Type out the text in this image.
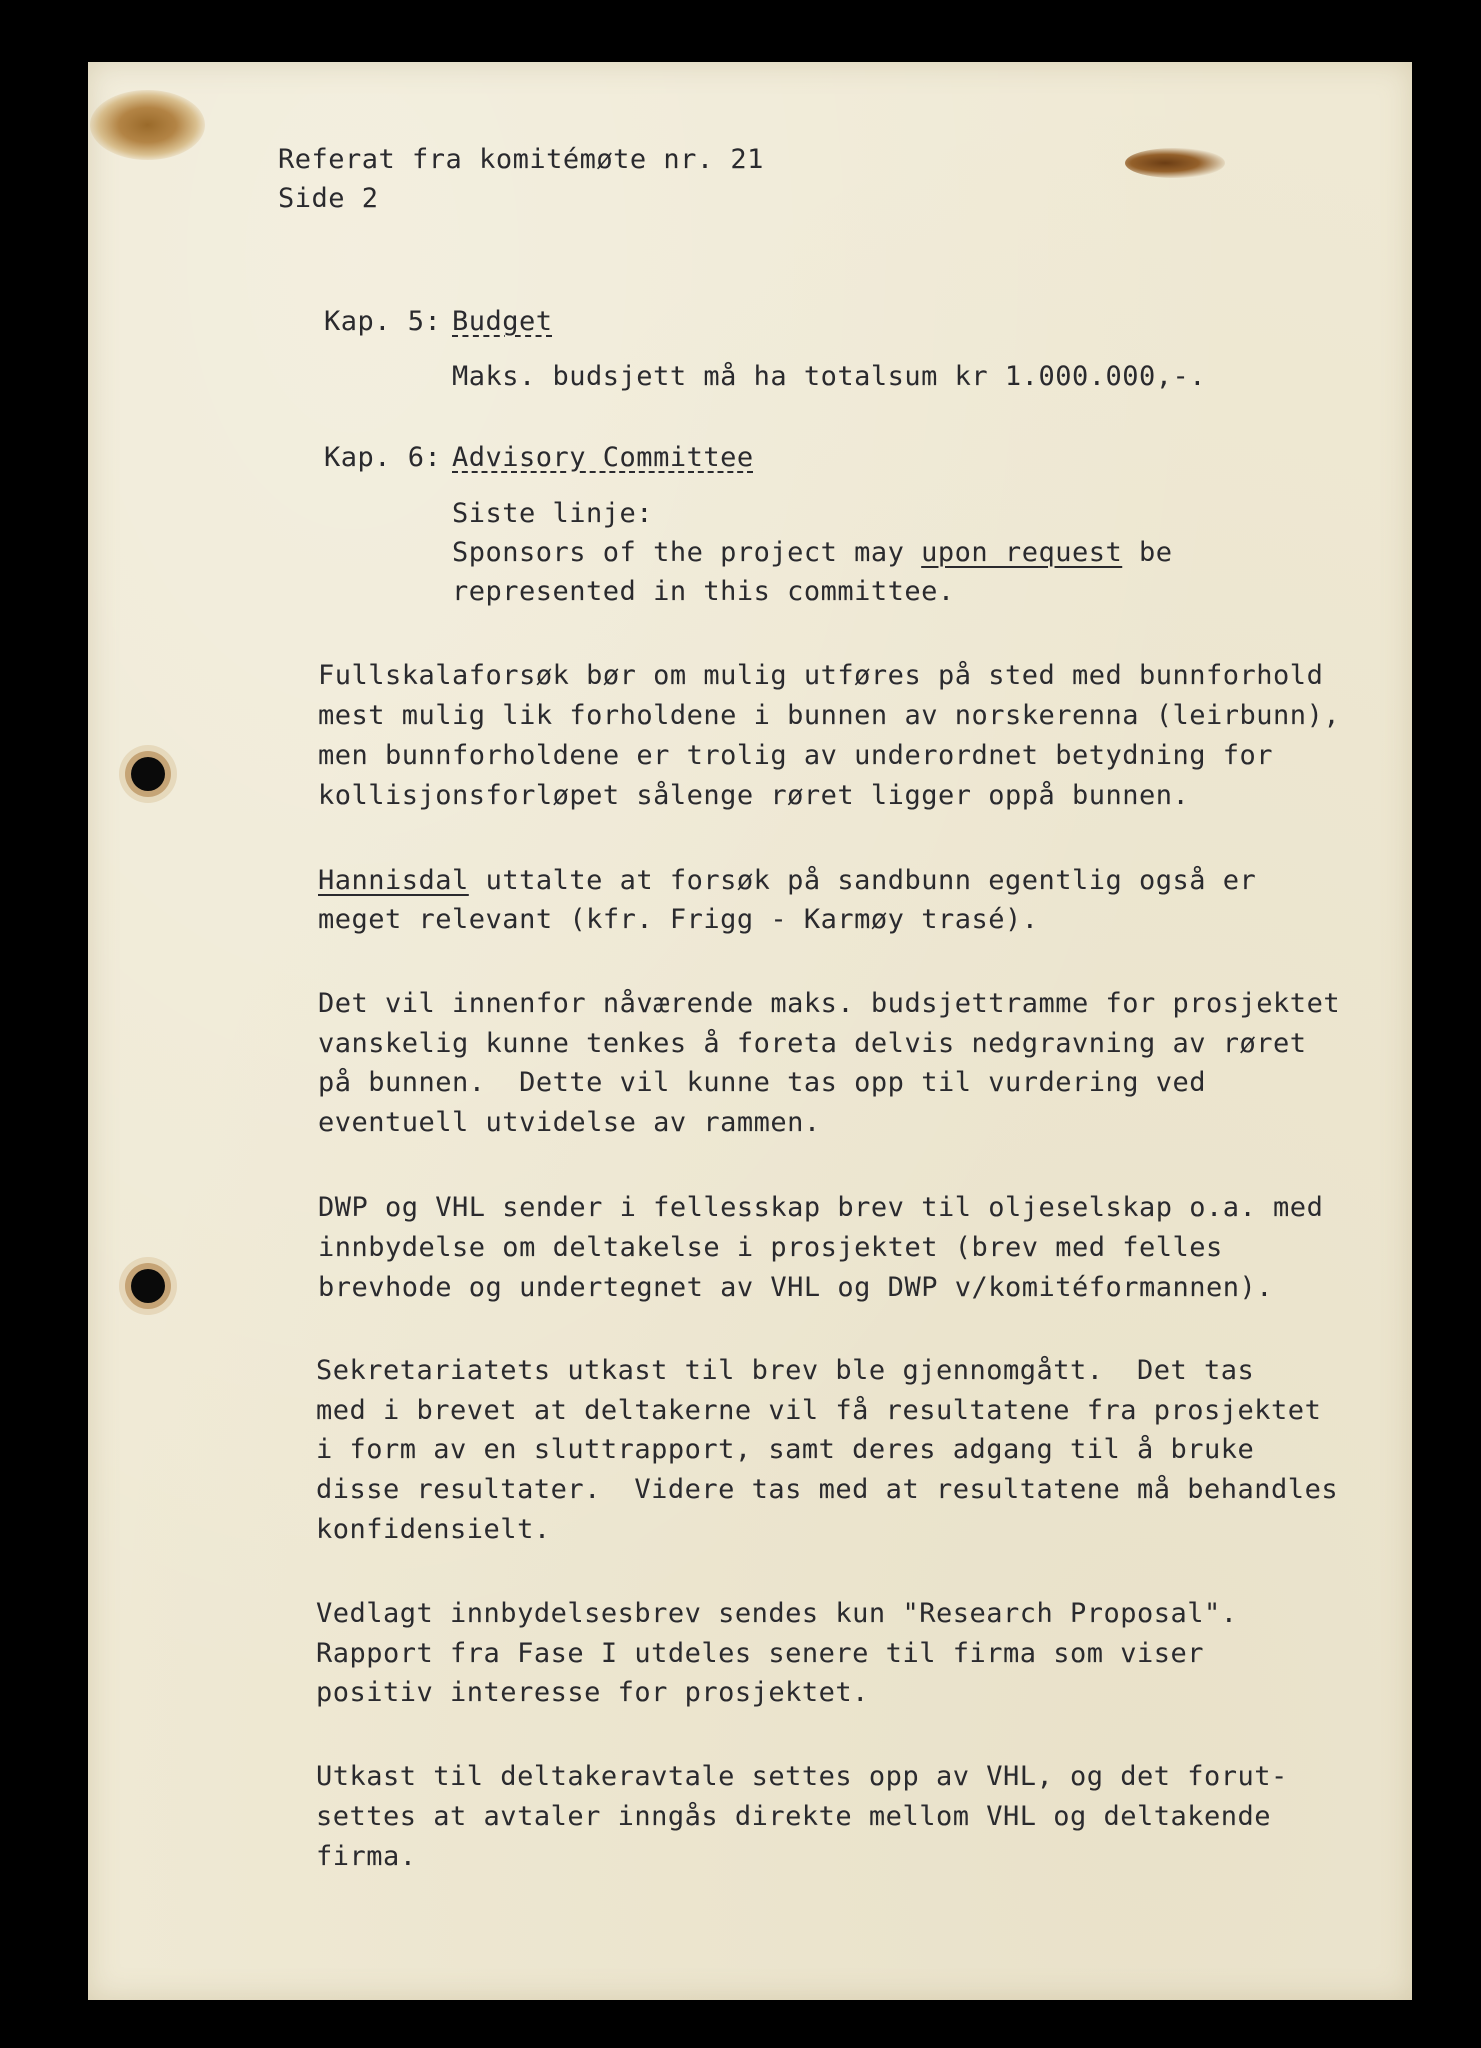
Referat fra komitémøte nr. 21
Side 2
Kap. 5: Budget
Maks. budsjett må ha totalsum kr 1.000.000,-.
Kap. 6: Advisory Committee
Siste linje:
Sponsors of the project may upon request be
represented in this committee.
Fullskalaforsøk bør om mulig utføres på sted med bunnforhold
mest mulig lik forholdene i bunnen av norskerenna (leirbunn),
men bunnforholdene er trolig av underordnet betydning for
kollisjonsforløpet sålenge røret ligger oppå bunnen.
Hannisdal uttalte at forsøk på sandbunn egentlig også er
meget relevant (kfr. Frigg - Karmøy trasé).
Det vil innenfor nåværende maks. budsjettramme for prosjektet
vanskelig kunne tenkes å foreta delvis nedgravning av røret
på bunnen.  Dette vil kunne tas opp til vurdering ved
eventuell utvidelse av rammen.
DWP og VHL sender i fellesskap brev til oljeselskap o.a. med
innbydelse om deltakelse i prosjektet (brev med felles
brevhode og undertegnet av VHL og DWP v/komitéformannen).
Sekretariatets utkast til brev ble gjennomgått.  Det tas
med i brevet at deltakerne vil få resultatene fra prosjektet
i form av en sluttrapport, samt deres adgang til å bruke
disse resultater.  Videre tas med at resultatene må behandles
konfidensielt.
Vedlagt innbydelsesbrev sendes kun "Research Proposal".
Rapport fra Fase I utdeles senere til firma som viser
positiv interesse for prosjektet.
Utkast til deltakeravtale settes opp av VHL, og det forut-
settes at avtaler inngås direkte mellom VHL og deltakende
firma.
